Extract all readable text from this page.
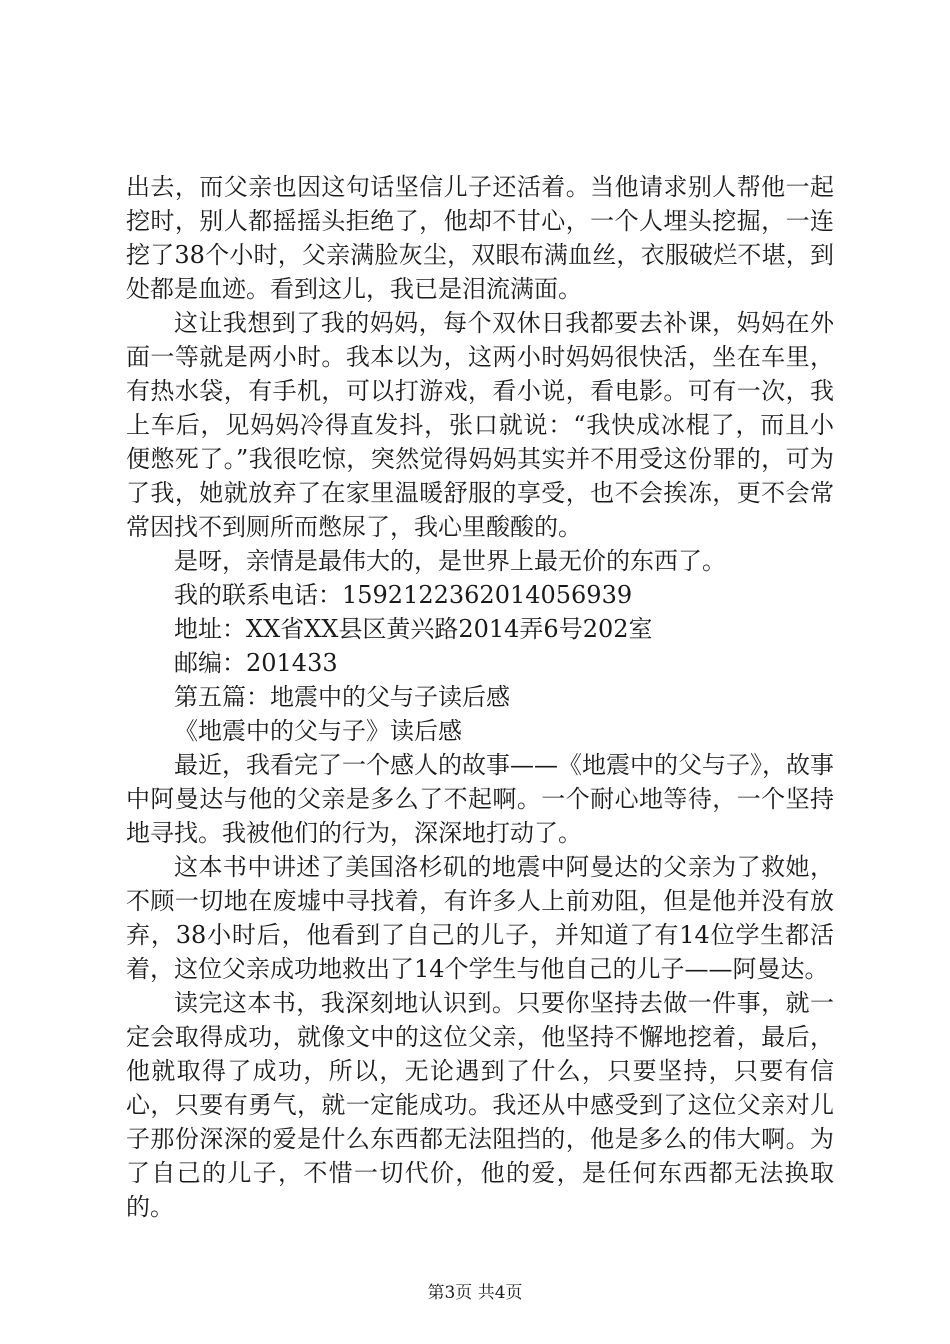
出去，而父亲也因这句话坚信儿子还活着。当他请求别人帮他一起挖时，别人都摇摇头拒绝了，他却不甘心，一个人埋头挖掘，一连挖了38个小时，父亲满脸灰尘，双眼布满血丝，衣服破烂不堪，到处都是血迹。看到这儿，我已是泪流满面。

这让我想到了我的妈妈，每个双休日我都要去补课，妈妈在外面一等就是两小时。我本以为，这两小时妈妈很快活，坐在车里，有热水袋，有手机，可以打游戏，看小说，看电影。可有一次，我上车后，见妈妈冷得直发抖，张口就说：“我快成冰棍了，而且小便憋死了。”我很吃惊，突然觉得妈妈其实并不用受这份罪的，可为了我，她就放弃了在家里温暖舒服的享受，也不会挨冻，更不会常常因找不到厕所而憋尿了，我心里酸酸的。

是呀，亲情是最伟大的，是世界上最无价的东西了。

我的联系电话：15921223620140569​39

地址：XX省XX县区黄兴路2014弄6号202室

邮编：201433

第五篇：地震中的父与子读后感

《地震中的父与子》读后感

最近，我看完了一个感人的故事——《地震中的父与子》，故事中阿曼达与他的父亲是多么了不起啊。一个耐心地等待，一个坚持地寻找。我被他们的行为，深深地打动了。

这本书中讲述了美国洛杉矶的地震中阿曼达的父亲为了救她，不顾一切地在废墟中寻找着，有许多人上前劝阻，但是他并没有放弃，38小时后，他看到了自己的儿子，并知道了有14位学生都活着，这位父亲成功地救出了14个学生与他自己的儿子——阿曼达。

读完这本书，我深刻地认识到。只要你坚持去做一件事，就一定会取得成功，就像文中的这位父亲，他坚持不懈地挖着，最后，他就取得了成功，所以，无论遇到了什么，只要坚持，只要有信心，只要有勇气，就一定能成功。我还从中感受到了这位父亲对儿子那份深深的爱是什么东西都无法阻挡的，他是多么的伟大啊。为了自己的儿子，不惜一切代价，他的爱，是任何东西都无法换取的。

第3页 共4页
